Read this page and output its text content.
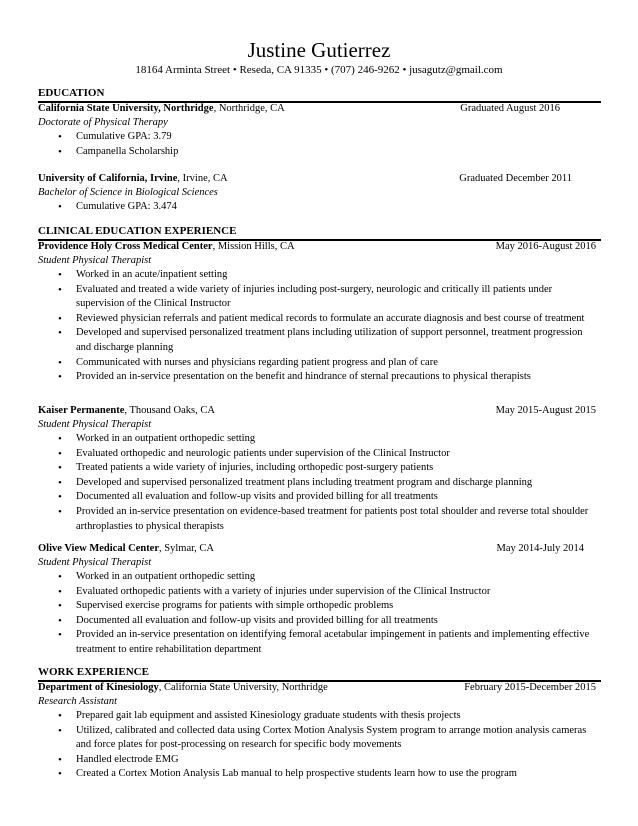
Justine Gutierrez
18164 Arminta Street • Reseda, CA 91335 • (707) 246-9262 • jusagutz@gmail.com
EDUCATION
California State University, Northridge, Northridge, CA	Graduated August 2016
Doctorate of Physical Therapy
• Cumulative GPA: 3.79
• Campanella Scholarship
University of California, Irvine, Irvine, CA	Graduated December 2011
Bachelor of Science in Biological Sciences
• Cumulative GPA: 3.474
CLINICAL EDUCATION EXPERIENCE
Providence Holy Cross Medical Center, Mission Hills, CA	May 2016-August 2016
Student Physical Therapist
• Worked in an acute/inpatient setting
• Evaluated and treated a wide variety of injuries including post-surgery, neurologic and critically ill patients under supervision of the Clinical Instructor
• Reviewed physician referrals and patient medical records to formulate an accurate diagnosis and best course of treatment
• Developed and supervised personalized treatment plans including utilization of support personnel, treatment progression and discharge planning
• Communicated with nurses and physicians regarding patient progress and plan of care
• Provided an in-service presentation on the benefit and hindrance of sternal precautions to physical therapists
Kaiser Permanente, Thousand Oaks, CA	May 2015-August 2015
Student Physical Therapist
• Worked in an outpatient orthopedic setting
• Evaluated orthopedic and neurologic patients under supervision of the Clinical Instructor
• Treated patients a wide variety of injuries, including orthopedic post-surgery patients
• Developed and supervised personalized treatment plans including treatment program and discharge planning
• Documented all evaluation and follow-up visits and provided billing for all treatments
• Provided an in-service presentation on evidence-based treatment for patients post total shoulder and reverse total shoulder arthroplasties to physical therapists
Olive View Medical Center, Sylmar, CA	May 2014-July 2014
Student Physical Therapist
• Worked in an outpatient orthopedic setting
• Evaluated orthopedic patients with a variety of injuries under supervision of the Clinical Instructor
• Supervised exercise programs for patients with simple orthopedic problems
• Documented all evaluation and follow-up visits and provided billing for all treatments
• Provided an in-service presentation on identifying femoral acetabular impingement in patients and implementing effective treatment to entire rehabilitation department
WORK EXPERIENCE
Department of Kinesiology, California State University, Northridge	February 2015-December 2015
Research Assistant
• Prepared gait lab equipment and assisted Kinesiology graduate students with thesis projects
• Utilized, calibrated and collected data using Cortex Motion Analysis System program to arrange motion analysis cameras and force plates for post-processing on research for specific body movements
• Handled electrode EMG
• Created a Cortex Motion Analysis Lab manual to help prospective students learn how to use the program
